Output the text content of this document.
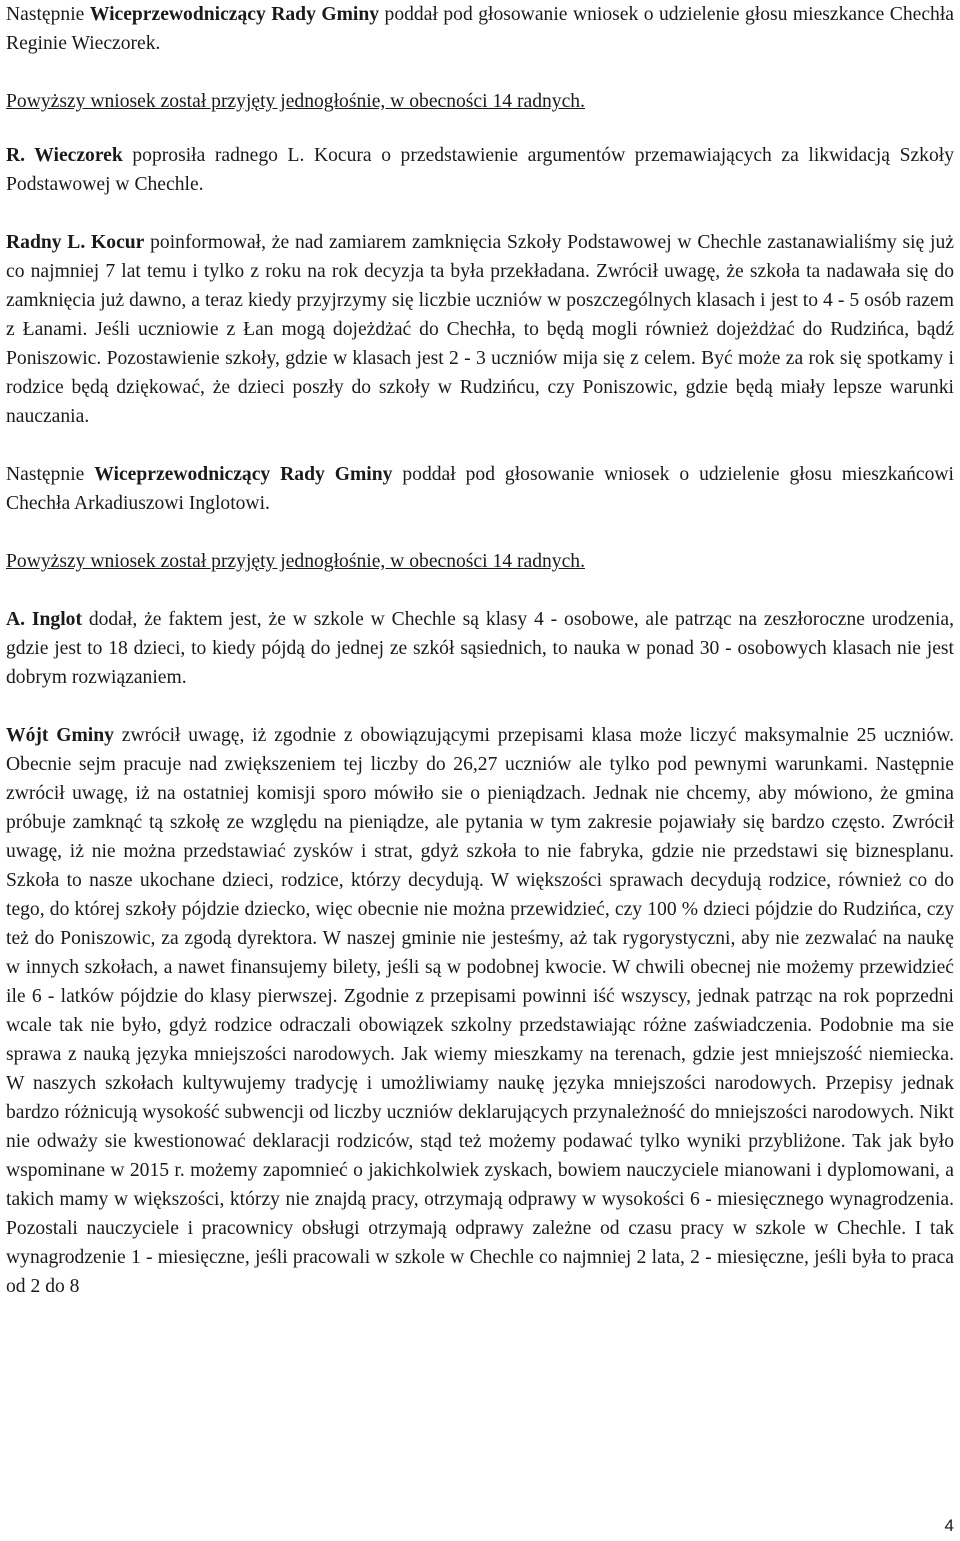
Następnie Wiceprzewodniczący Rady Gminy poddał pod głosowanie wniosek o udzielenie głosu mieszkance Chechła Reginie Wieczorek.

Powyższy wniosek został przyjęty jednogłośnie, w obecności 14 radnych.

R. Wieczorek poprosiła radnego L. Kocura o przedstawienie argumentów przemawiających za likwidacją Szkoły Podstawowej w Chechle.

Radny L. Kocur poinformował, że nad zamiarem zamknięcia Szkoły Podstawowej w Chechle zastanawialiśmy się już co najmniej 7 lat temu i tylko z roku na rok decyzja ta była przekładana. Zwrócił uwagę, że szkoła ta nadawała się do zamknięcia już dawno, a teraz kiedy przyjrzymy się liczbie uczniów w poszczególnych klasach i jest to 4 - 5 osób razem z Łanami. Jeśli uczniowie z Łan mogą dojeżdżać do Chechła, to będą mogli również dojeżdżać do Rudzińca, bądź Poniszowic. Pozostawienie szkoły, gdzie w klasach jest 2 - 3 uczniów mija się z celem. Być może za rok się spotkamy i rodzice będą dziękować, że dzieci poszły do szkoły w Rudzińcu, czy Poniszowic, gdzie będą miały lepsze warunki nauczania.

Następnie Wiceprzewodniczący Rady Gminy poddał pod głosowanie wniosek o udzielenie głosu mieszkańcowi Chechła Arkadiuszowi Inglotowi.

Powyższy wniosek został przyjęty jednogłośnie, w obecności 14 radnych.

A. Inglot dodał, że faktem jest, że w szkole w Chechle są klasy 4 - osobowe, ale patrząc na zeszłoroczne urodzenia, gdzie jest to 18 dzieci, to kiedy pójdą do jednej ze szkół sąsiednich, to nauka w ponad 30 - osobowych klasach nie jest dobrym rozwiązaniem.

Wójt Gminy zwrócił uwagę, iż zgodnie z obowiązującymi przepisami klasa może liczyć maksymalnie 25 uczniów. Obecnie sejm pracuje nad zwiększeniem tej liczby do 26,27 uczniów ale tylko pod pewnymi warunkami. Następnie zwrócił uwagę, iż na ostatniej komisji sporo mówiło sie o pieniądzach. Jednak nie chcemy, aby mówiono, że gmina próbuje zamknąć tą szkołę ze względu na pieniądze, ale pytania w tym zakresie pojawiały się bardzo często. Zwrócił uwagę, iż nie można przedstawiać zysków i strat, gdyż szkoła to nie fabryka, gdzie nie przedstawi się biznesplanu. Szkoła to nasze ukochane dzieci, rodzice, którzy decydują. W większości sprawach decydują rodzice, również co do tego, do której szkoły pójdzie dziecko, więc obecnie nie można przewidzieć, czy 100 % dzieci pójdzie do Rudzińca, czy też do Poniszowic, za zgodą dyrektora. W naszej gminie nie jesteśmy, aż tak rygorystyczni, aby nie zezwalać na naukę w innych szkołach, a nawet finansujemy bilety, jeśli są w podobnej kwocie. W chwili obecnej nie możemy przewidzieć ile 6 - latków pójdzie do klasy pierwszej. Zgodnie z przepisami powinni iść wszyscy, jednak patrząc na rok poprzedni wcale tak nie było, gdyż rodzice odraczali obowiązek szkolny przedstawiając różne zaświadczenia. Podobnie ma sie sprawa z nauką języka mniejszości narodowych. Jak wiemy mieszkamy na terenach, gdzie jest mniejszość niemiecka. W naszych szkołach kultywujemy tradycję i umożliwiamy naukę języka mniejszości narodowych. Przepisy jednak bardzo różnicują wysokość subwencji od liczby uczniów deklarujących przynależność do mniejszości narodowych. Nikt nie odważy sie kwestionować deklaracji rodziców, stąd też możemy podawać tylko wyniki przybliżone. Tak jak było wspominane w 2015 r. możemy zapomnieć o jakichkolwiek zyskach, bowiem nauczyciele mianowani i dyplomowani, a takich mamy w większości, którzy nie znajdą pracy, otrzymają odprawy w wysokości 6 - miesięcznego wynagrodzenia. Pozostali nauczyciele i pracownicy obsługi otrzymają odprawy zależne od czasu pracy w szkole w Chechle. I tak wynagrodzenie 1 - miesięczne, jeśli pracowali w szkole w Chechle co najmniej 2 lata, 2 - miesięczne, jeśli była to praca od 2 do 8

4
